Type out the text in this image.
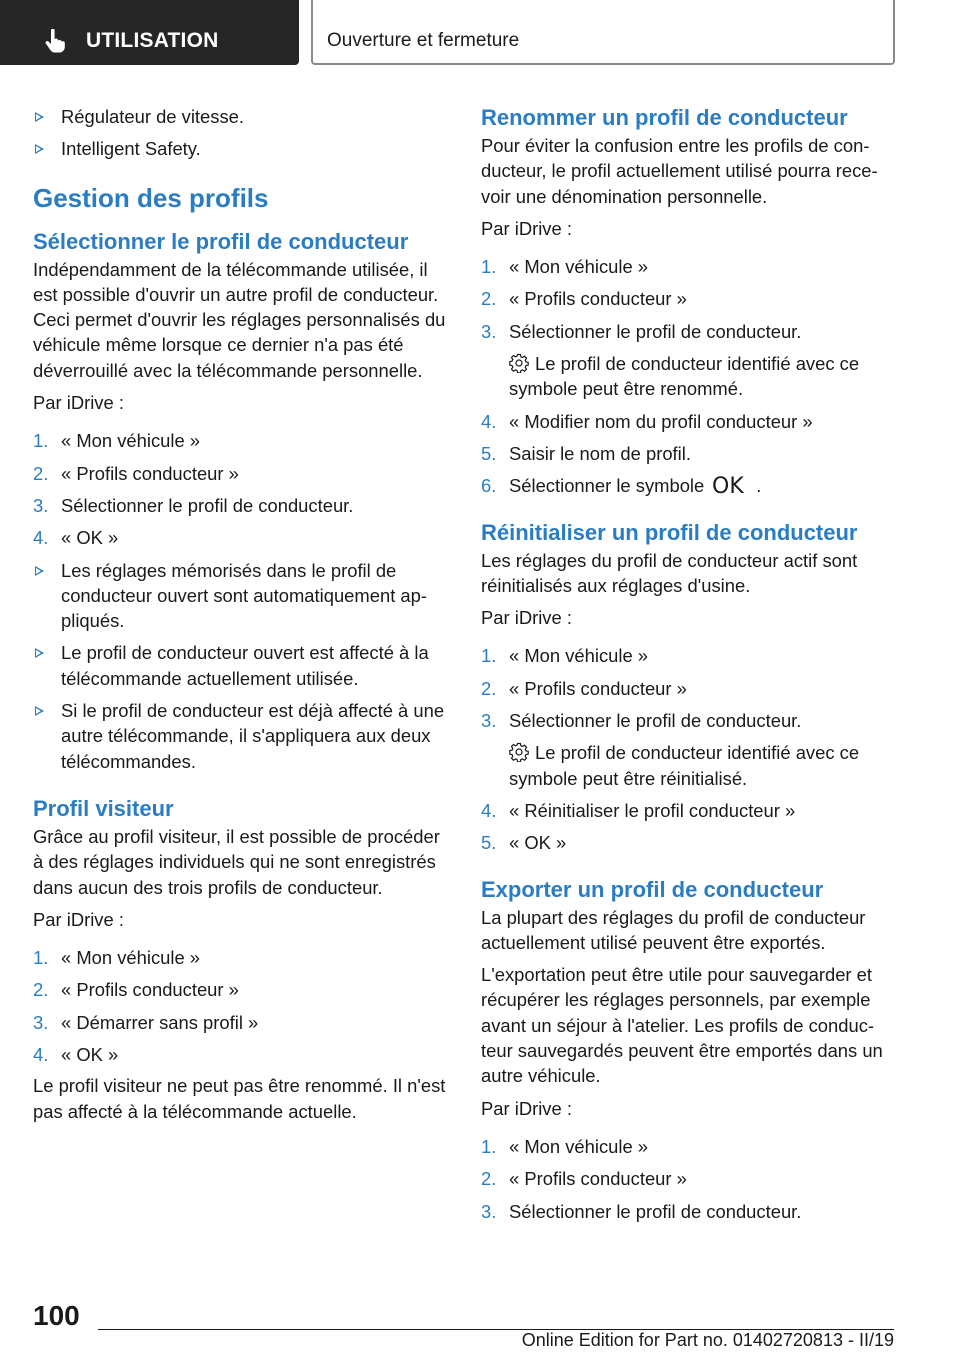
UTILISATION	Ouverture et fermeture
Régulateur de vitesse.
Intelligent Safety.
Gestion des profils
Sélectionner le profil de conducteur

Indépendamment de la télécommande utilisée, il est possible d'ouvrir un autre profil de conducteur. Ceci permet d'ouvrir les réglages personnalisés du véhicule même lorsque ce dernier n'a pas été déverrouillé avec la télécommande personnelle.

Par iDrive :

1. « Mon véhicule »
2. « Profils conducteur »
3. Sélectionner le profil de conducteur.
4. « OK »
Les réglages mémorisés dans le profil de conducteur ouvert sont automatiquement appliqués.
Le profil de conducteur ouvert est affecté à la télécommande actuellement utilisée.
Si le profil de conducteur est déjà affecté à une autre télécommande, il s'appliquera aux deux télécommandes.
Profil visiteur

Grâce au profil visiteur, il est possible de procéder à des réglages individuels qui ne sont enregistrés dans aucun des trois profils de conducteur.

Par iDrive :

1. « Mon véhicule »
2. « Profils conducteur »
3. « Démarrer sans profil »
4. « OK »

Le profil visiteur ne peut pas être renommé. Il n'est pas affecté à la télécommande actuelle.

Renommer un profil de conducteur

Pour éviter la confusion entre les profils de conducteur, le profil actuellement utilisé pourra recevoir une dénomination personnelle.

Par iDrive :

1. « Mon véhicule »
2. « Profils conducteur »
3. Sélectionner le profil de conducteur.
Le profil de conducteur identifié avec ce symbole peut être renommé.
4. « Modifier nom du profil conducteur »
5. Saisir le nom de profil.
6. Sélectionner le symbole OK .
Réinitialiser un profil de conducteur

Les réglages du profil de conducteur actif sont réinitialisés aux réglages d'usine.

Par iDrive :

1. « Mon véhicule »
2. « Profils conducteur »
3. Sélectionner le profil de conducteur.
Le profil de conducteur identifié avec ce symbole peut être réinitialisé.
4. « Réinitialiser le profil conducteur »
5. « OK »
Exporter un profil de conducteur

La plupart des réglages du profil de conducteur actuellement utilisé peuvent être exportés.

L'exportation peut être utile pour sauvegarder et récupérer les réglages personnels, par exemple avant un séjour à l'atelier. Les profils de conducteur sauvegardés peuvent être emportés dans un autre véhicule.

Par iDrive :

1. « Mon véhicule »
2. « Profils conducteur »
3. Sélectionner le profil de conducteur.
100
Online Edition for Part no. 01402720813 - II/19
